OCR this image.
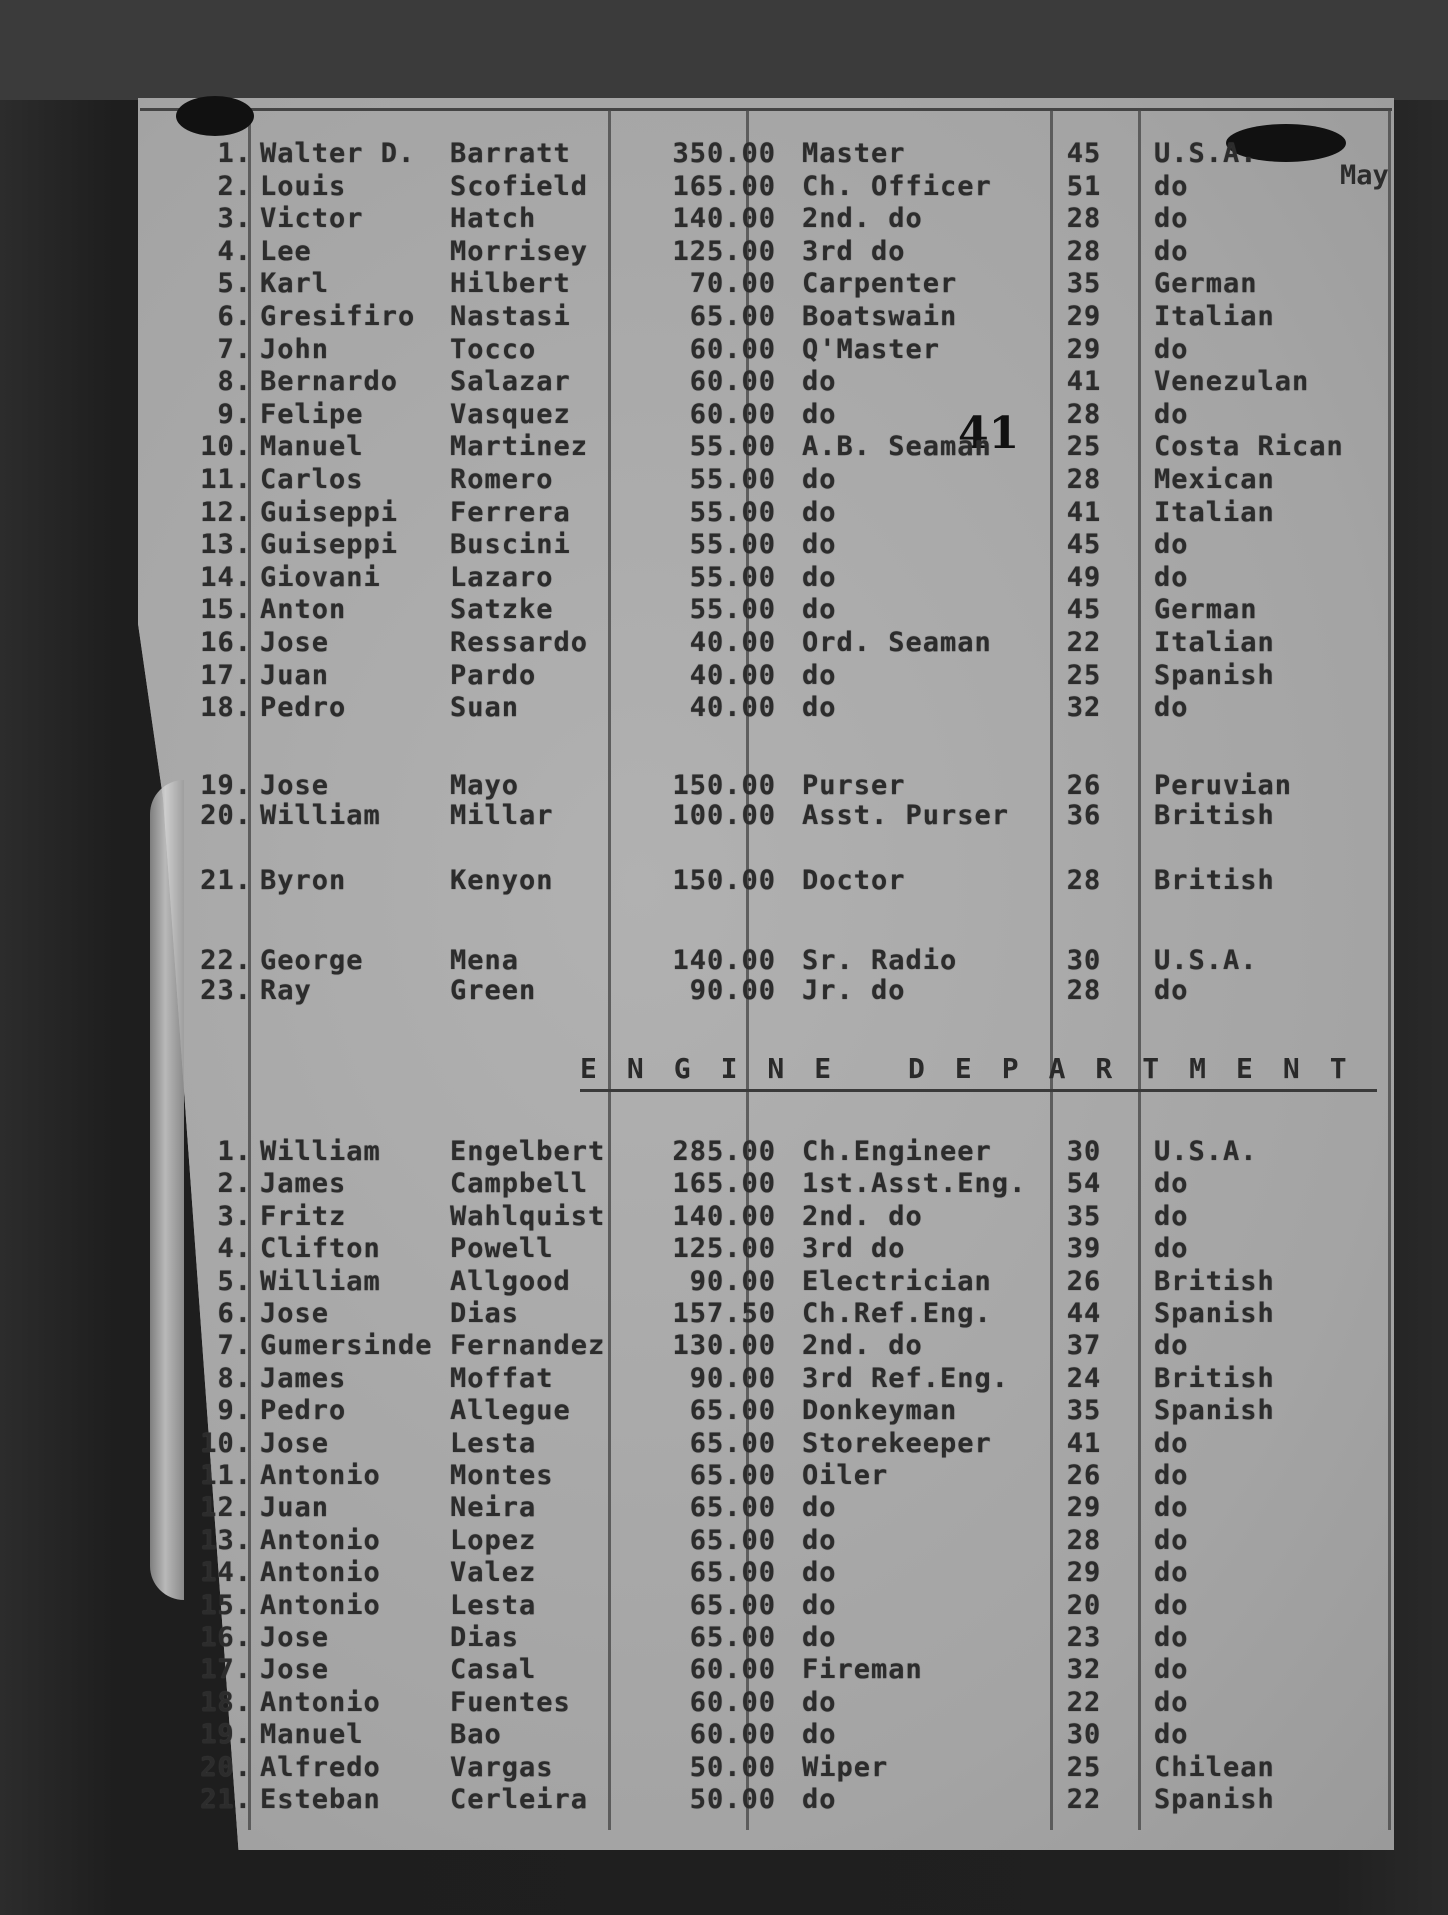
41
May
1. Walter D. Barratt	350.00 Master	45 U.S.A.
2. Louis	Scofield	165.00 Ch. Officer	51 do
3. Victor	Hatch	140.00 2nd. do	28 do
4. Lee	Morrisey	125.00 3rd do	28 do
5. Karl	Hilbert	70.00 Carpenter	35 German
6. Gresifiro Nastasi	65.00 Boatswain	29 Italian
7. John	Tocco	60.00 Q'Master	29 do
8. Bernardo Salazar	60.00 do	41 Venezulan
9. Felipe	Vasquez	60.00 do	28 do
10. Manuel	Martinez	55.00 A.B. Seaman	25 Costa Rican
11. Carlos	Romero	55.00 do	28 Mexican
12. Guiseppi Ferrera	55.00 do	41 Italian
13. Guiseppi Buscini	55.00 do	45 do
14. Giovani	Lazaro	55.00 do	49 do
15. Anton	Satzke	55.00 do	45 German
16. Jose	Ressardo	40.00 Ord. Seaman	22 Italian
17. Juan	Pardo	40.00 do	25 Spanish
18. Pedro	Suan	40.00 do	32 do
19. Jose	Mayo	150.00 Purser	26 Peruvian
20. William	Millar	100.00 Asst. Purser 36 British
21. Byron	Kenyon	150.00 Doctor	28 British
22. George	Mena	140.00 Sr. Radio	30 U.S.A.
23. Ray	Green	90.00 Jr. do	28 do
ENGINE DEPARTMENT
1. William	Engelbert	285.00 Ch.Engineer	30 U.S.A.
2. James	Campbell	165.00 1st.Asst.Eng. 54 do
3. Fritz	Wahlquist	140.00 2nd. do	35 do
4. Clifton	Powell	125.00 3rd do	39 do
5. William	Allgood	90.00 Electrician	26 British
6. Jose	Dias	157.50 Ch.Ref.Eng.	44 Spanish
7. Gumersinde Fernandez	130.00 2nd. do	37 do
8. James	Moffat	90.00 3rd Ref.Eng. 24 British
9. Pedro	Allegue	65.00 Donkeyman	35 Spanish
10. Jose	Lesta	65.00 Storekeeper	41 do
11. Antonio	Montes	65.00 Oiler	26 do
12. Juan	Neira	65.00 do	29 do
13. Antonio	Lopez	65.00 do	28 do
14. Antonio	Valez	65.00 do	29 do
15. Antonio	Lesta	65.00 do	20 do
16. Jose	Dias	65.00 do	23 do
17. Jose	Casal	60.00 Fireman	32 do
18. Antonio	Fuentes	60.00 do	22 do
19. Manuel	Bao	60.00 do	30 do
20. Alfredo	Vargas	50.00 Wiper	25 Chilean
21. Esteban	Cerleira	50.00 do	22 Spanish
